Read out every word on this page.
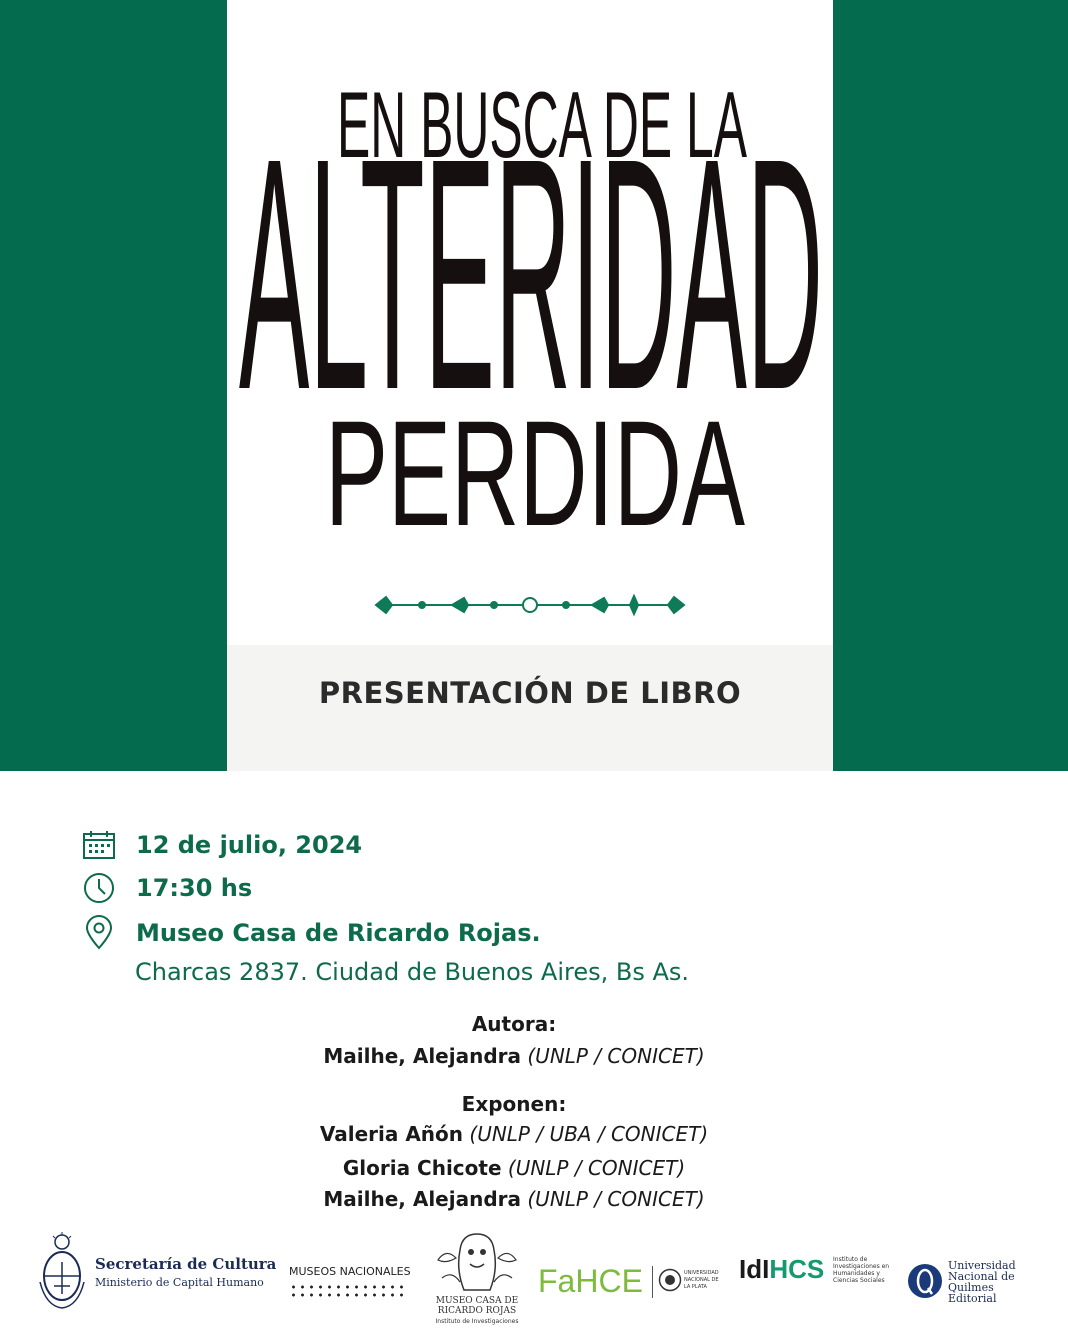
EN BUSCA DE LA
ALTERIDAD
PERDIDA
PRESENTACIÓN DE LIBRO
12 de julio, 2024
17:30 hs
Museo Casa de Ricardo Rojas.
Charcas 2837. Ciudad de Buenos Aires, Bs As.
Autora:
Mailhe, Alejandra (UNLP / CONICET)
Exponen:
Valeria Añón (UNLP / UBA / CONICET)
Gloria Chicote (UNLP / CONICET)
Mailhe, Alejandra (UNLP / CONICET)
Secretaría de Cultura
Ministerio de Capital Humano
MUSEOS NACIONALES
MUSEO CASA DE RICARDO ROJAS
Instituto de Investigaciones
FaHCE	UNIVERSIDAD NACIONAL DE LA PLATA
IdIHCS Instituto de Investigaciones en Humanidades y Ciencias Sociales
Universidad Nacional de Quilmes Editorial
